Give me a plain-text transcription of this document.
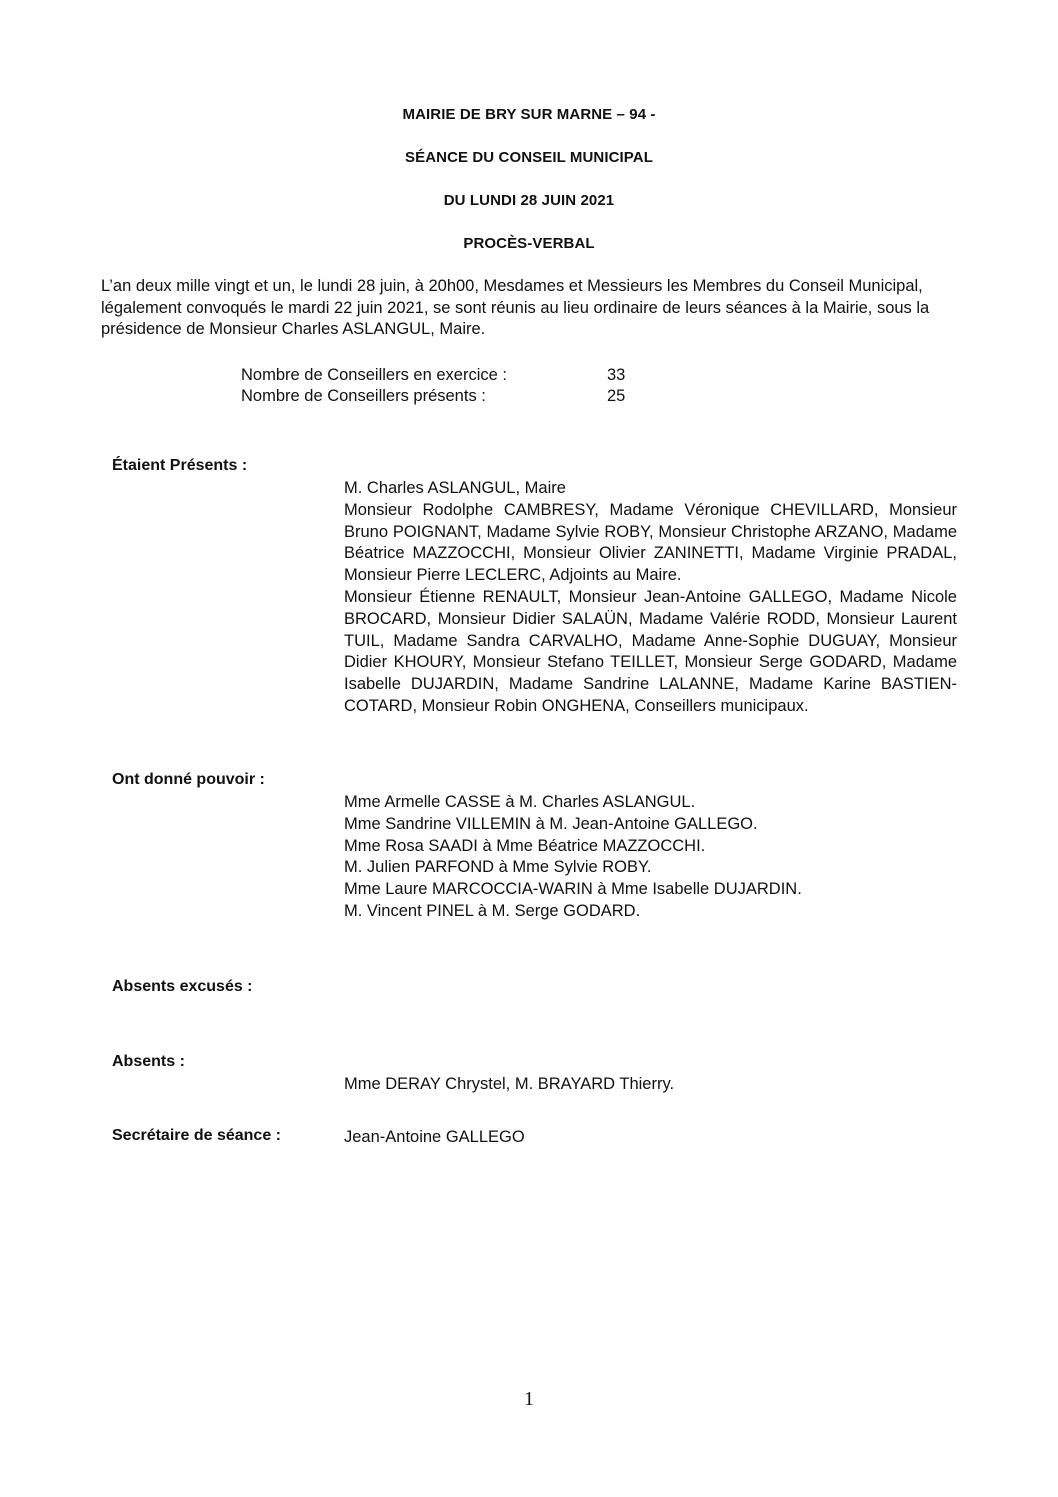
MAIRIE DE BRY SUR MARNE – 94 -
SÉANCE DU CONSEIL MUNICIPAL
DU LUNDI 28 JUIN 2021
PROCÈS-VERBAL
L’an deux mille vingt et un, le lundi 28 juin, à 20h00, Mesdames et Messieurs les Membres du Conseil Municipal, légalement convoqués le mardi 22 juin 2021, se sont réunis au lieu ordinaire de leurs séances à la Mairie, sous la présidence de Monsieur Charles ASLANGUL, Maire.
Nombre de Conseillers en exercice :	33
Nombre de Conseillers présents :	25
Étaient Présents :
M. Charles ASLANGUL, Maire
Monsieur Rodolphe CAMBRESY, Madame Véronique CHEVILLARD, Monsieur Bruno POIGNANT, Madame Sylvie ROBY, Monsieur Christophe ARZANO, Madame Béatrice MAZZOCCHI, Monsieur Olivier ZANINETTI, Madame Virginie PRADAL, Monsieur Pierre LECLERC, Adjoints au Maire.
Monsieur Étienne RENAULT, Monsieur Jean-Antoine GALLEGO, Madame Nicole BROCARD, Monsieur Didier SALAÜN, Madame Valérie RODD, Monsieur Laurent TUIL, Madame Sandra CARVALHO, Madame Anne-Sophie DUGUAY, Monsieur Didier KHOURY, Monsieur Stefano TEILLET, Monsieur Serge GODARD, Madame Isabelle DUJARDIN, Madame Sandrine LALANNE, Madame Karine BASTIEN-COTARD, Monsieur Robin ONGHENA, Conseillers municipaux.
Ont donné pouvoir :
Mme Armelle CASSE à M. Charles ASLANGUL.
Mme Sandrine VILLEMIN à M. Jean-Antoine GALLEGO.
Mme Rosa SAADI à Mme Béatrice MAZZOCCHI.
M. Julien PARFOND à Mme Sylvie ROBY.
Mme Laure MARCOCCIA-WARIN à Mme Isabelle DUJARDIN.
M. Vincent PINEL à M. Serge GODARD.
Absents excusés :
Absents :
Mme DERAY Chrystel, M. BRAYARD Thierry.
Secrétaire de séance :	Jean-Antoine GALLEGO
1
